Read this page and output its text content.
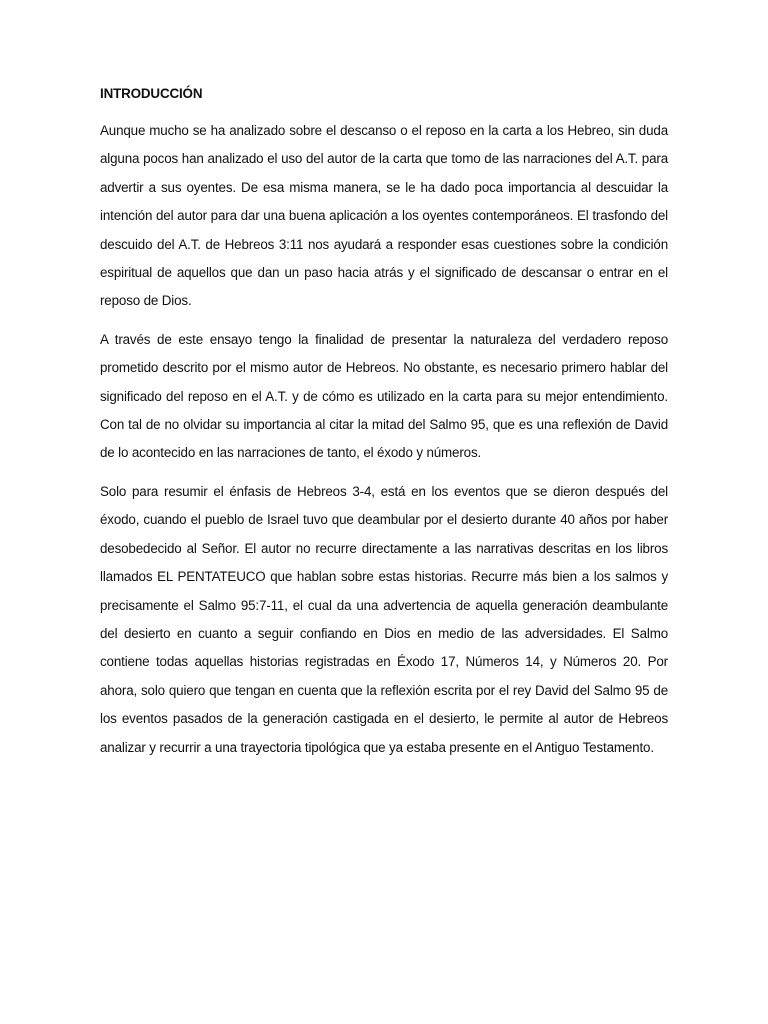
INTRODUCCIÓN

Aunque mucho se ha analizado sobre el descanso o el reposo en la carta a los Hebreo, sin duda alguna pocos han analizado el uso del autor de la carta que tomo de las narraciones del A.T. para advertir a sus oyentes. De esa misma manera, se le ha dado poca importancia al descuidar la intención del autor para dar una buena aplicación a los oyentes contemporáneos. El trasfondo del descuido del A.T. de Hebreos 3:11 nos ayudará a responder esas cuestiones sobre la condición espiritual de aquellos que dan un paso hacia atrás y el significado de descansar o entrar en el reposo de Dios.

A través de este ensayo tengo la finalidad de presentar la naturaleza del verdadero reposo prometido descrito por el mismo autor de Hebreos. No obstante, es necesario primero hablar del significado del reposo en el A.T. y de cómo es utilizado en la carta para su mejor entendimiento. Con tal de no olvidar su importancia al citar la mitad del Salmo 95, que es una reflexión de David de lo acontecido en las narraciones de tanto, el éxodo y números.

Solo para resumir el énfasis de Hebreos 3-4, está en los eventos que se dieron después del éxodo, cuando el pueblo de Israel tuvo que deambular por el desierto durante 40 años por haber desobedecido al Señor. El autor no recurre directamente a las narrativas descritas en los libros llamados EL PENTATEUCO que hablan sobre estas historias. Recurre más bien a los salmos y precisamente el Salmo 95:7-11, el cual da una advertencia de aquella generación deambulante del desierto en cuanto a seguir confiando en Dios en medio de las adversidades. El Salmo contiene todas aquellas historias registradas en Éxodo 17, Números 14, y Números 20. Por ahora, solo quiero que tengan en cuenta que la reflexión escrita por el rey David del Salmo 95 de los eventos pasados de la generación castigada en el desierto, le permite al autor de Hebreos analizar y recurrir a una trayectoria tipológica que ya estaba presente en el Antiguo Testamento.
